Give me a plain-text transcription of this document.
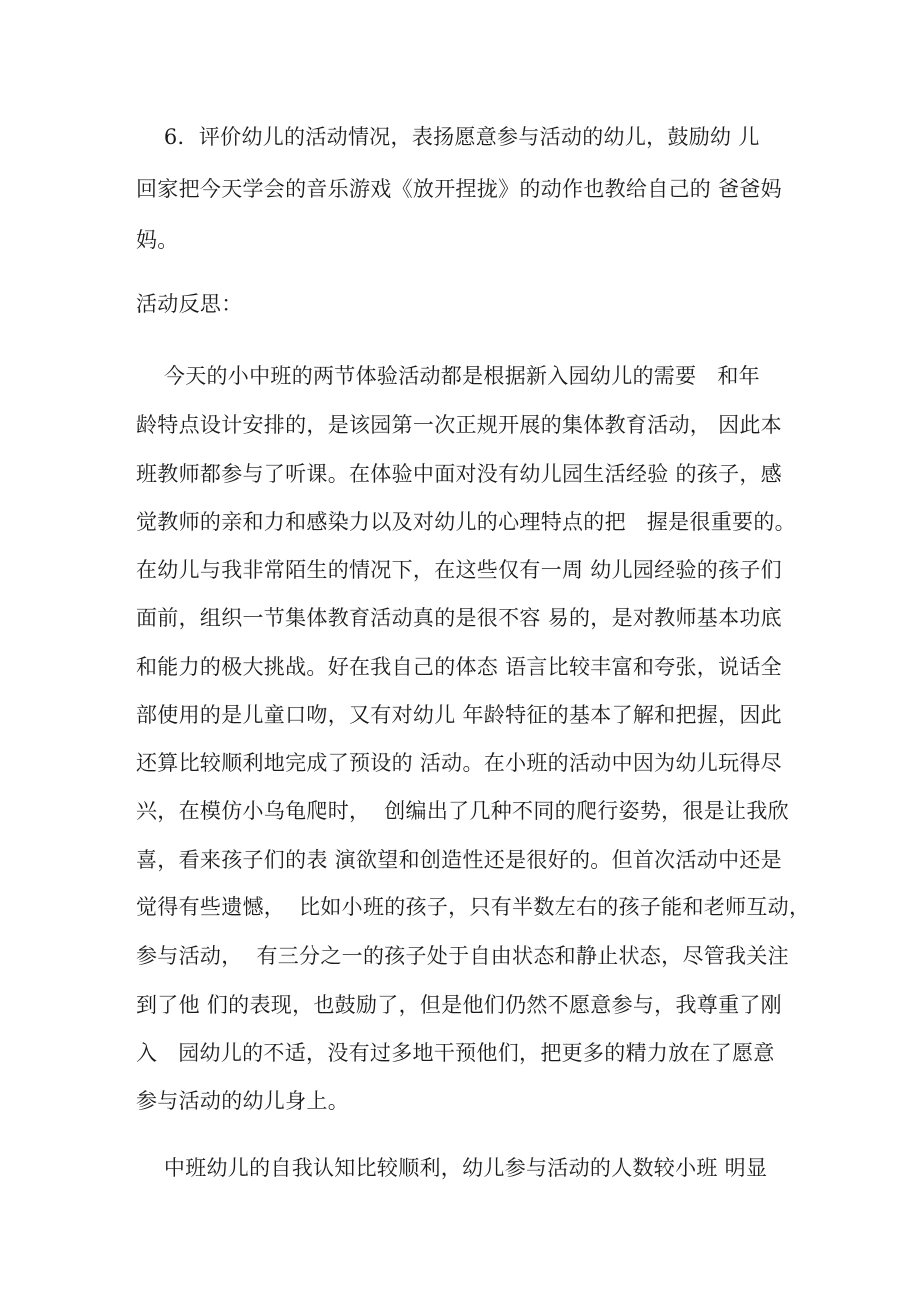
6．评价幼儿的活动情况，表扬愿意参与活动的幼儿，鼓励幼 儿
回家把今天学会的音乐游戏《放开捏拢》的动作也教给自己的 爸爸妈
妈。
活动反思：
今天的小中班的两节体验活动都是根据新入园幼儿的需要   和年
龄特点设计安排的，是该园第一次正规开展的集体教育活动， 因此本
班教师都参与了听课。在体验中面对没有幼儿园生活经验 的孩子，感
觉教师的亲和力和感染力以及对幼儿的心理特点的把   握是很重要的。
在幼儿与我非常陌生的情况下，在这些仅有一周 幼儿园经验的孩子们
面前，组织一节集体教育活动真的是很不容 易的，是对教师基本功底
和能力的极大挑战。好在我自己的体态 语言比较丰富和夸张，说话全
部使用的是儿童口吻，又有对幼儿 年龄特征的基本了解和把握，因此
还算比较顺利地完成了预设的 活动。在小班的活动中因为幼儿玩得尽
兴，在模仿小乌龟爬时，  创编出了几种不同的爬行姿势，很是让我欣
喜，看来孩子们的表 演欲望和创造性还是很好的。但首次活动中还是
觉得有些遗憾，  比如小班的孩子，只有半数左右的孩子能和老师互动，
参与活动，  有三分之一的孩子处于自由状态和静止状态，尽管我关注
到了他 们的表现，也鼓励了，但是他们仍然不愿意参与，我尊重了刚
入   园幼儿的不适，没有过多地干预他们，把更多的精力放在了愿意
参与活动的幼儿身上。
中班幼儿的自我认知比较顺利，幼儿参与活动的人数较小班 明显
